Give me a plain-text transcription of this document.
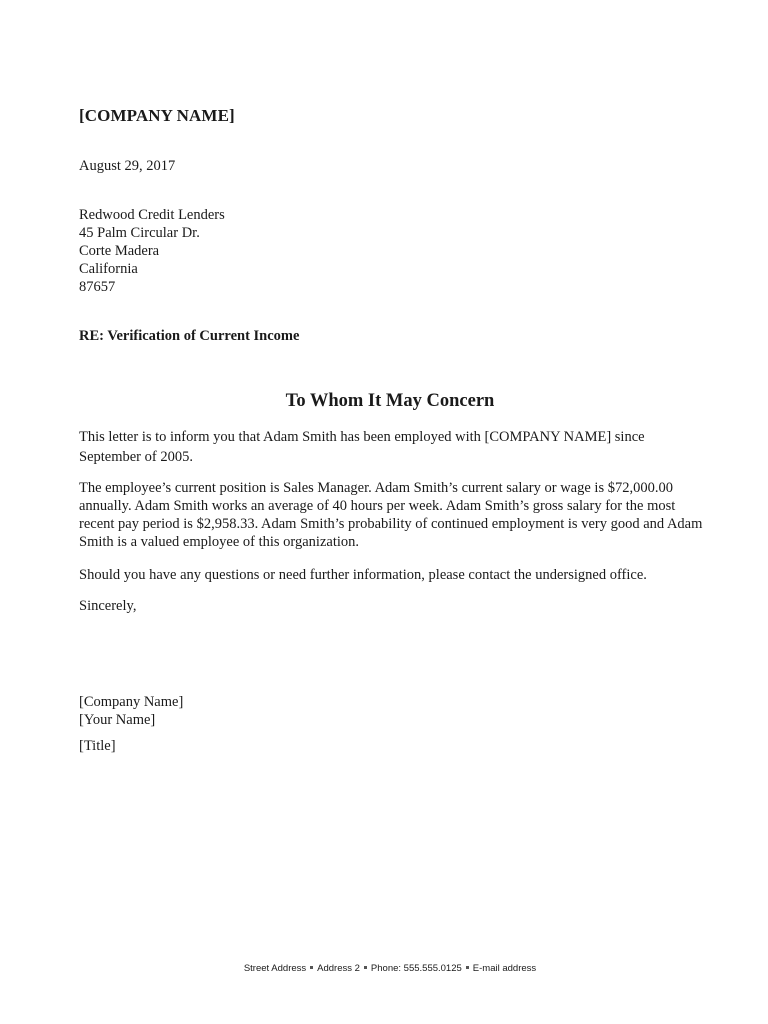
[COMPANY NAME]
August 29, 2017
Redwood Credit Lenders
45 Palm Circular Dr.
Corte Madera
California
87657
RE: Verification of Current Income
To Whom It May Concern
This letter is to inform you that Adam Smith has been employed with [COMPANY NAME] since September of 2005.
The employee’s current position is Sales Manager. Adam Smith’s current salary or wage is $72,000.00 annually. Adam Smith works an average of 40 hours per week. Adam Smith’s gross salary for the most recent pay period is $2,958.33. Adam Smith’s probability of continued employment is very good and Adam Smith is a valued employee of this organization.
Should you have any questions or need further information, please contact the undersigned office.
Sincerely,
[Company Name]
[Your Name]
[Title]
Street Address Address 2 Phone: 555.555.0125 E-mail address
